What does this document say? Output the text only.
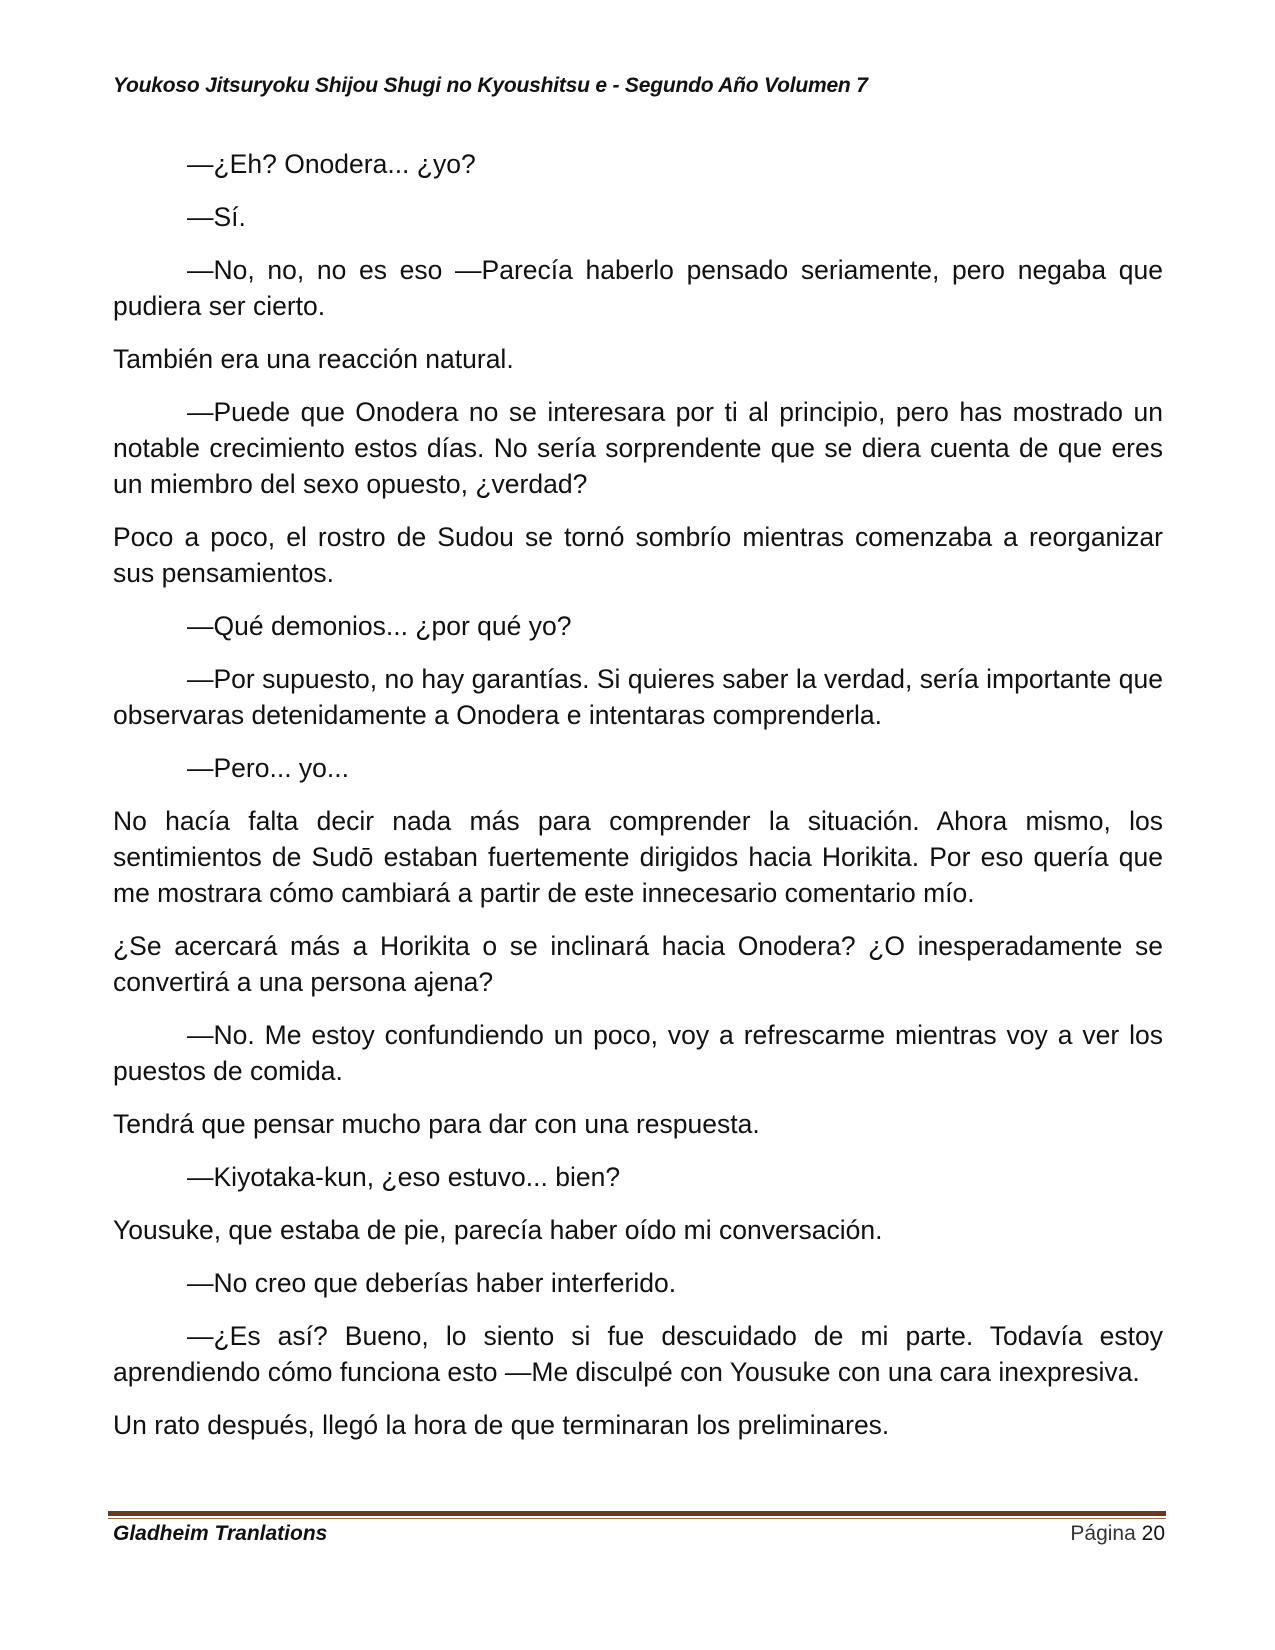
Youkoso Jitsuryoku Shijou Shugi no Kyoushitsu e - Segundo Año Volumen 7

—¿Eh? Onodera... ¿yo?

—Sí.

—No, no, no es eso —Parecía haberlo pensado seriamente, pero negaba que pudiera ser cierto.

También era una reacción natural.

—Puede que Onodera no se interesara por ti al principio, pero has mostrado un notable crecimiento estos días. No sería sorprendente que se diera cuenta de que eres un miembro del sexo opuesto, ¿verdad?

Poco a poco, el rostro de Sudou se tornó sombrío mientras comenzaba a reorganizar sus pensamientos.

—Qué demonios... ¿por qué yo?

—Por supuesto, no hay garantías. Si quieres saber la verdad, sería importante que observaras detenidamente a Onodera e intentaras comprenderla.

—Pero... yo...

No hacía falta decir nada más para comprender la situación. Ahora mismo, los sentimientos de Sudō estaban fuertemente dirigidos hacia Horikita. Por eso quería que me mostrara cómo cambiará a partir de este innecesario comentario mío.

¿Se acercará más a Horikita o se inclinará hacia Onodera? ¿O inesperadamente se convertirá a una persona ajena?

—No. Me estoy confundiendo un poco, voy a refrescarme mientras voy a ver los puestos de comida.

Tendrá que pensar mucho para dar con una respuesta.

—Kiyotaka-kun, ¿eso estuvo... bien?

Yousuke, que estaba de pie, parecía haber oído mi conversación.

—No creo que deberías haber interferido.

—¿Es así? Bueno, lo siento si fue descuidado de mi parte. Todavía estoy aprendiendo cómo funciona esto —Me disculpé con Yousuke con una cara inexpresiva.

Un rato después, llegó la hora de que terminaran los preliminares.

Gladheim Tranlations	Página 20
